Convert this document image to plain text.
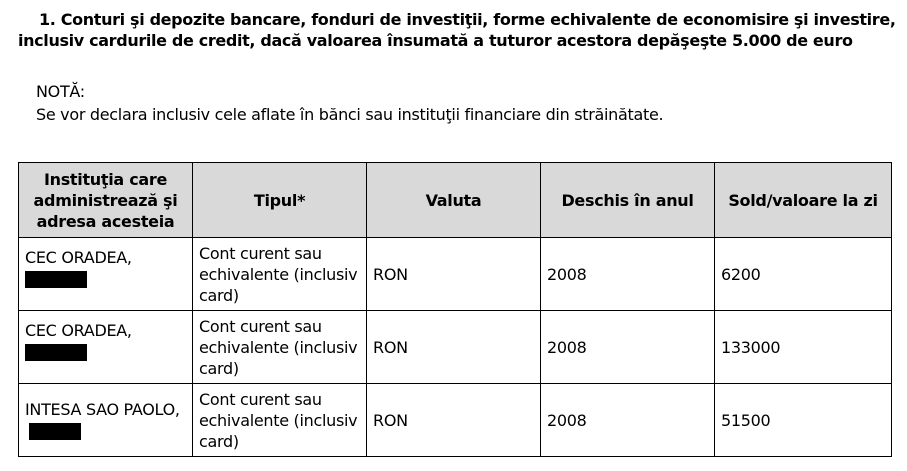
1. Conturi şi depozite bancare, fonduri de investiţii, forme echivalente de economisire şi investire,
inclusiv cardurile de credit, dacă valoarea însumată a tuturor acestora depăşeşte 5.000 de euro
NOTĂ:
Se vor declara inclusiv cele aflate în bănci sau instituţii financiare din străinătate.
Instituţia care administrează şi adresa acesteia	Tipul*	Valuta	Deschis în anul	Sold/valoare la zi

CEC ORADEA,	Cont curent sau echivalente (inclusiv card)	RON	2008	6200

CEC ORADEA,	Cont curent sau echivalente (inclusiv card)	RON	2008	133000

INTESA SAO PAOLO,	Cont curent sau echivalente (inclusiv card)	RON	2008	51500
